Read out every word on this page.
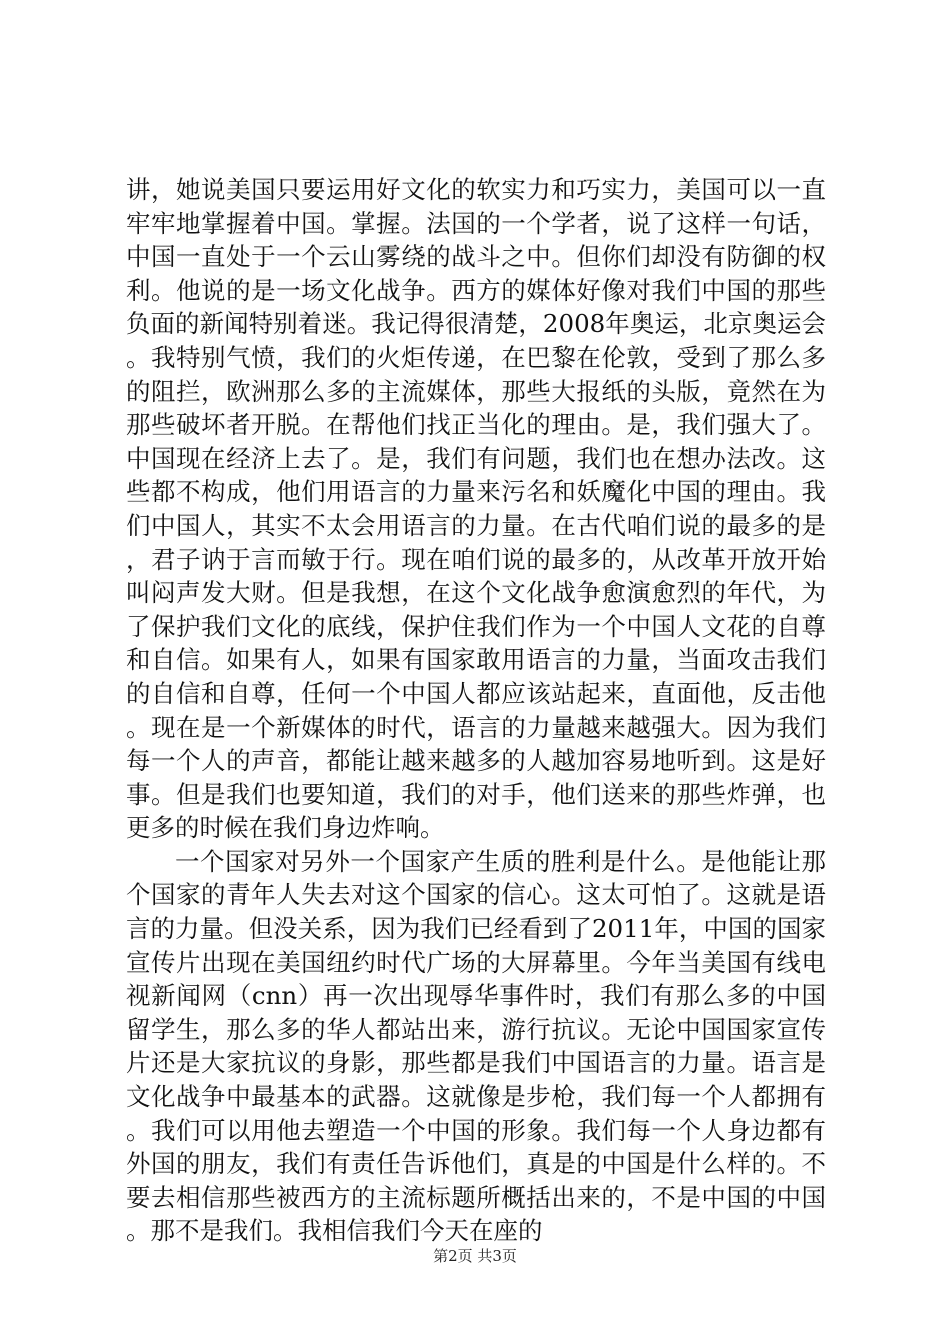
讲，她说美国只要运用好文化的软实力和巧实力，美国可以一直牢牢地掌握着中国。掌握。法国的一个学者，说了这样一句话，中国一直处于一个云山雾绕的战斗之中。但你们却没有防御的权利。他说的是一场文化战争。西方的媒体好像对我们中国的那些负面的新闻特别着迷。我记得很清楚，2008年奥运，北京奥运会。我特别气愤，我们的火炬传递，在巴黎在伦敦，受到了那么多的阻拦，欧洲那么多的主流媒体，那些大报纸的头版，竟然在为那些破坏者开脱。在帮他们找正当化的理由。是，我们强大了。中国现在经济上去了。是，我们有问题，我们也在想办法改。这些都不构成，他们用语言的力量来污名和妖魔化中国的理由。我们中国人，其实不太会用语言的力量。在古代咱们说的最多的是，君子讷于言而敏于行。现在咱们说的最多的，从改革开放开始叫闷声发大财。但是我想，在这个文化战争愈演愈烈的年代，为了保护我们文化的底线，保护住我们作为一个中国人文花的自尊和自信。如果有人，如果有国家敢用语言的力量，当面攻击我们的自信和自尊，任何一个中国人都应该站起来，直面他，反击他。现在是一个新媒体的时代，语言的力量越来越强大。因为我们每一个人的声音，都能让越来越多的人越加容易地听到。这是好事。但是我们也要知道，我们的对手，他们送来的那些炸弹，也更多的时候在我们身边炸响。

一个国家对另外一个国家产生质的胜利是什么。是他能让那个国家的青年人失去对这个国家的信心。这太可怕了。这就是语言的力量。但没关系，因为我们已经看到了2011年，中国的国家宣传片出现在美国纽约时代广场的大屏幕里。今年当美国有线电视新闻网（cnn）再一次出现辱华事件时，我们有那么多的中国留学生，那么多的华人都站出来，游行抗议。无论中国国家宣传片还是大家抗议的身影，那些都是我们中国语言的力量。语言是文化战争中最基本的武器。这就像是步枪，我们每一个人都拥有。我们可以用他去塑造一个中国的形象。我们每一个人身边都有外国的朋友，我们有责任告诉他们，真是的中国是什么样的。不要去相信那些被西方的主流标题所概括出来的，不是中国的中国。那不是我们。我相信我们今天在座的

第2页 共3页
